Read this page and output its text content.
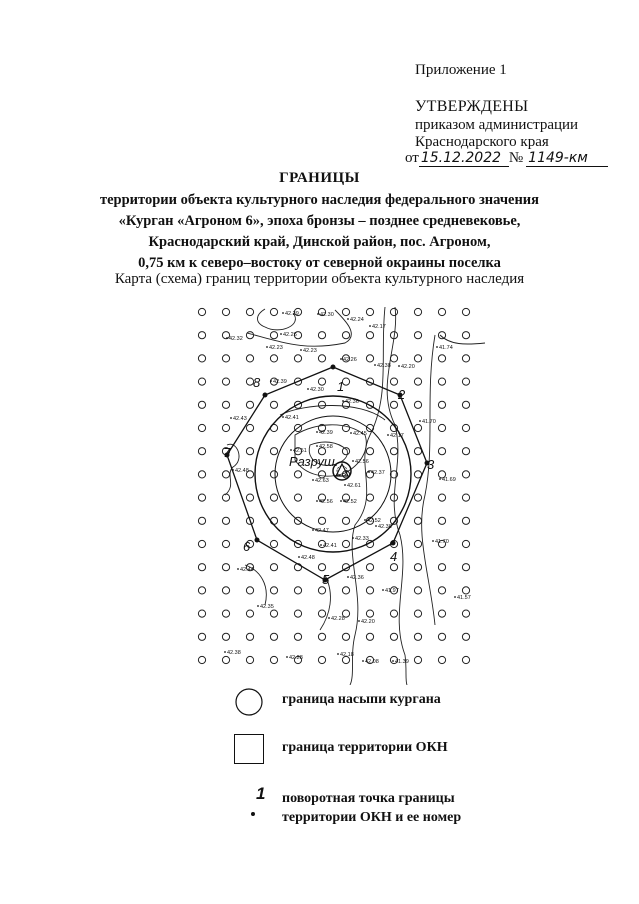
Приложение 1
УТВЕРЖДЕНЫ
приказом администрации
Краснодарского края
от 15.12.2022 № 1149-км
ГРАНИЦЫ
территории объекта культурного наследия федерального значения
«Курган «Агроном 6», эпоха бронзы – позднее средневековье,
Краснодарский край, Динской район, пос. Агроном,
0,75 км к северо–востоку от северной окраины поселка
Карта (схема) границ территории объекта культурного наследия
1
2
3
4
5
6
7
8
Разруш.
42.29	42.30
42.24
42.17
42.26
42.32
42.23	42.23
42.26
42.39
42.30
42.36
42.38
42.43	42.41
42.39	42.45
42.51
42.58
42.56
42.48
42.63
42.61
42.52
42.56
42.47
42.41
42.33
42.38
42.48
42.44
42.36
42.35
42.28	42.20
42.38
42.28	42.18
42.08	41.39
41.97
41.57
41.70
41.69
41.74
41.70
42.17
42.20
42.52
42.37
граница насыпи кургана
граница территории ОКН
1 поворотная точка границы
территории ОКН и ее номер
